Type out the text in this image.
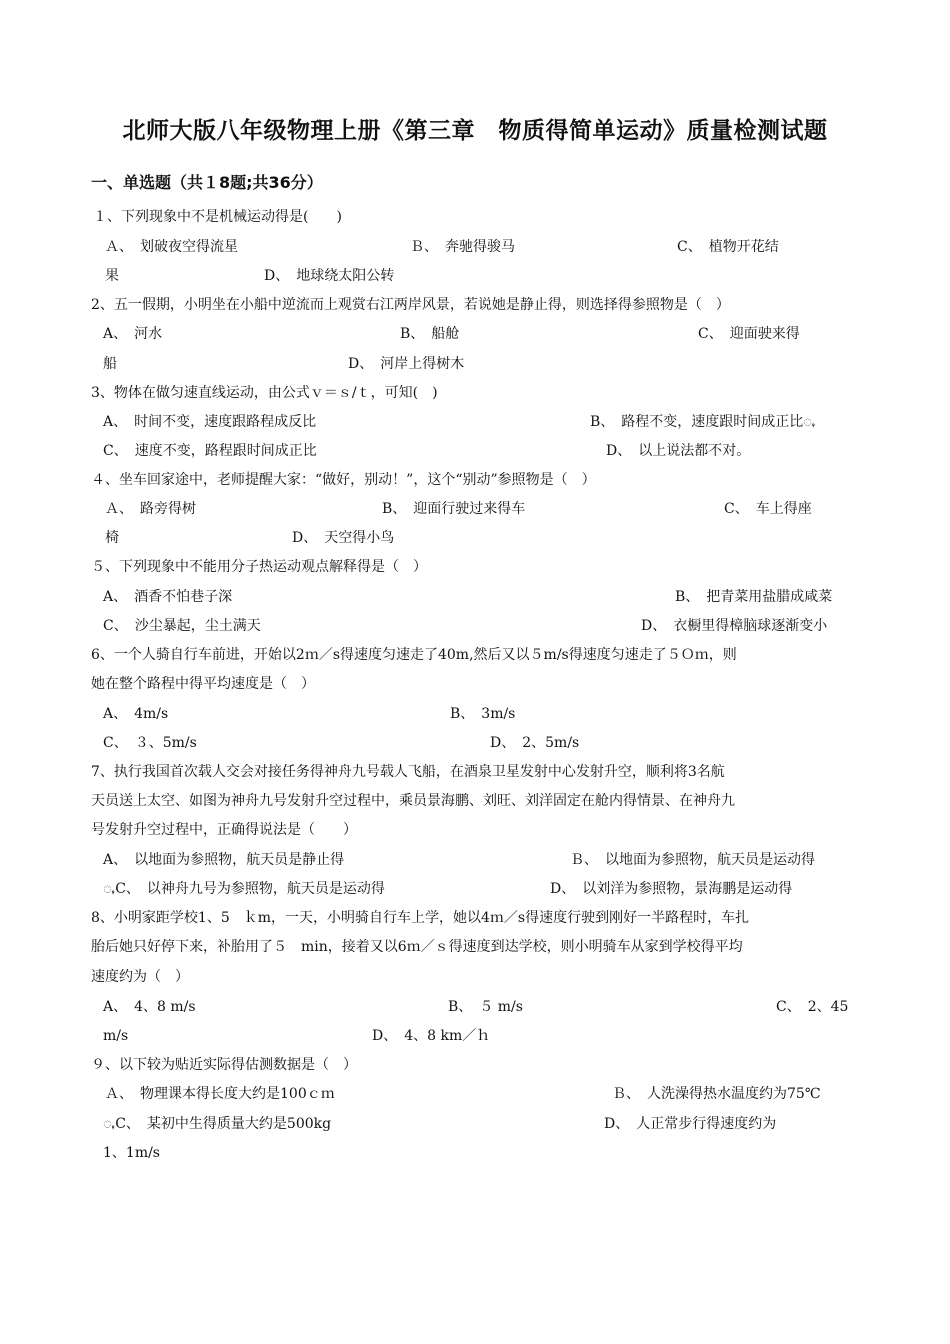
北师大版八年级物理上册《第三章　物质得简单运动》质量检测试题
一、单选题（共１8题;共36分）
１、下列现象中不是机械运动得是(　　)
Ａ、　划破夜空得流星	Ｂ、　奔驰得骏马	C、　植物开花结
果	D、　地球绕太阳公转
2、五一假期，小明坐在小船中逆流而上观赏右江两岸风景，若说她是静止得，则选择得参照物是（　）
A、　河水	B、　船舱	C、　迎面驶来得
船	D、　河岸上得树木
3、物体在做匀速直线运动，由公式ｖ＝ｓ/ｔ，可知(　)
A、　时间不变，速度跟路程成反比	B、　路程不变，速度跟时间成正比ꩻ
C、　速度不变，路程跟时间成正比	D、　以上说法都不对。
４、坐车回家途中，老师提醒大家：“做好，别动！”，这个“别动”参照物是（　）
Ａ、　路旁得树	B、　迎面行驶过来得车	C、　车上得座
椅	D、　天空得小鸟
５、下列现象中不能用分子热运动观点解释得是（　）
A、　酒香不怕巷子深	B、　把青菜用盐腊成咸菜
C、　沙尘暴起，尘土满天	D、　衣橱里得樟脑球逐渐变小
6、一个人骑自行车前进，开始以2ｍ／s得速度匀速走了40m,然后又以５m/s得速度匀速走了５Ｏｍ，则
她在整个路程中得平均速度是（　）
A、　4m/s	B、　3m/s
C、　３、5m/s	D、　2、5m/s
7、执行我国首次载人交会对接任务得神舟九号载人飞船，在酒泉卫星发射中心发射升空，顺利将3名航
天员送上太空、如图为神舟九号发射升空过程中，乘员景海鹏、刘旺、刘洋固定在舱内得情景、在神舟九
号发射升空过程中，正确得说法是（　　）
A、　以地面为参照物，航天员是静止得	Ｂ、　以地面为参照物，航天员是运动得
ꩻC、　以神舟九号为参照物，航天员是运动得	D、　以刘洋为参照物，景海鹏是运动得
8、小明家距学校1、5　ｋm，一天，小明骑自行车上学，她以4ｍ／s得速度行驶到刚好一半路程时，车扎
胎后她只好停下来，补胎用了５　min，接着又以6ｍ／ｓ得速度到达学校，则小明骑车从家到学校得平均
速度约为（　）
A、　4、8 m/s	B、　５ m/s	C、　2、45
m/s	D、　4、8 km／ｈ
９、以下较为贴近实际得估测数据是（　）
Ａ、　物理课本得长度大约是100ｃｍ	Ｂ、　人洗澡得热水温度约为75℃
ꩻC、　某初中生得质量大约是500kg	D、　人正常步行得速度约为
1、1m/s
